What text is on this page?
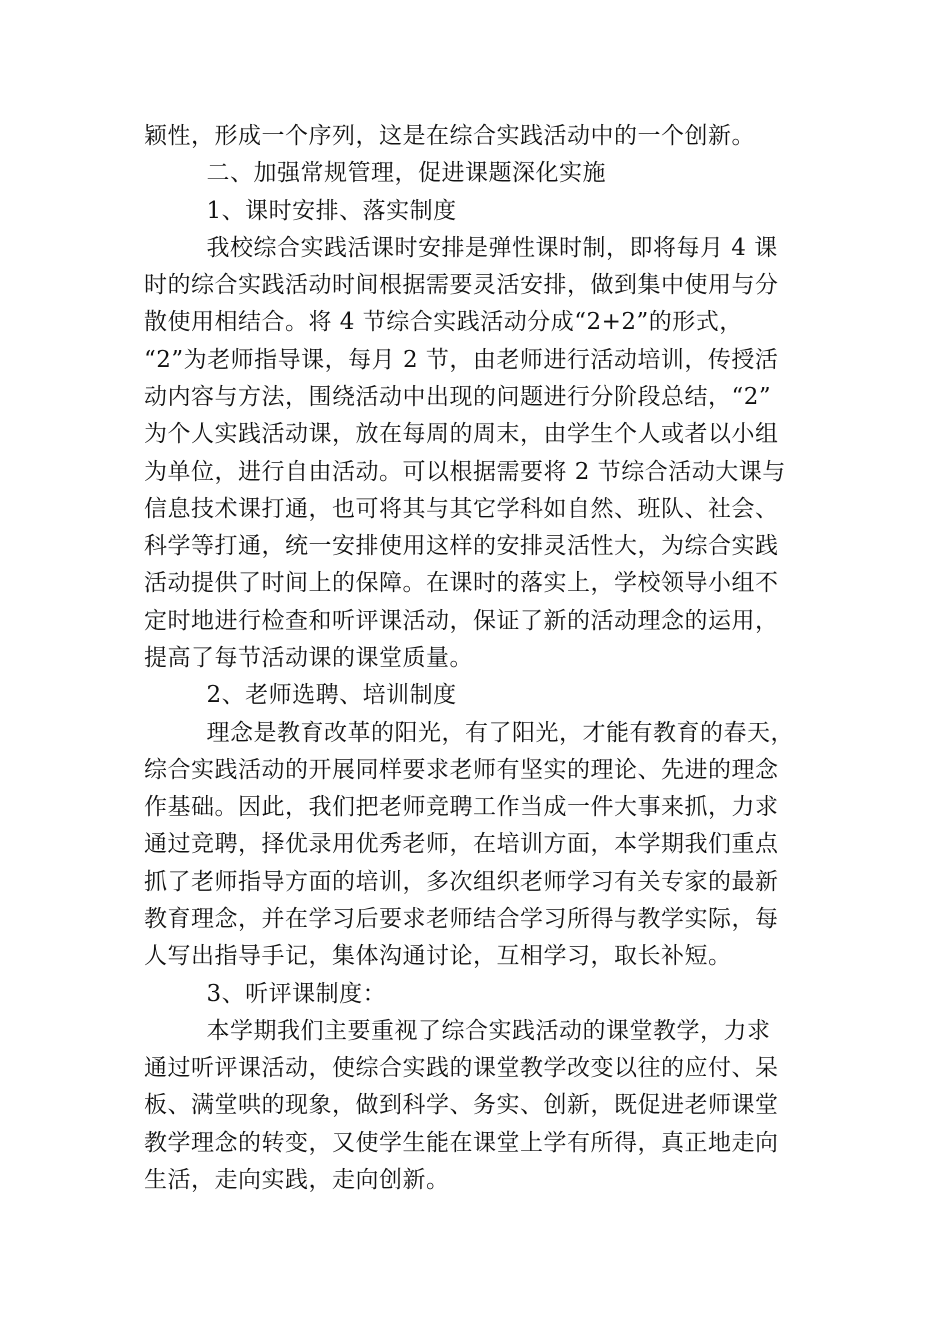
颖性，形成一个序列，这是在综合实践活动中的一个创新。
二、加强常规管理，促进课题深化实施
1、课时安排、落实制度
我校综合实践活课时安排是弹性课时制，即将每月 4 课
时的综合实践活动时间根据需要灵活安排，做到集中使用与分
散使用相结合。将 4 节综合实践活动分成“2+2”的形式，
“2”为老师指导课，每月 2 节，由老师进行活动培训，传授活
动内容与方法，围绕活动中出现的问题进行分阶段总结，“2”
为个人实践活动课，放在每周的周末，由学生个人或者以小组
为单位，进行自由活动。可以根据需要将 2 节综合活动大课与
信息技术课打通，也可将其与其它学科如自然、班队、社会、
科学等打通，统一安排使用这样的安排灵活性大，为综合实践
活动提供了时间上的保障。在课时的落实上，学校领导小组不
定时地进行检查和听评课活动，保证了新的活动理念的运用，
提高了每节活动课的课堂质量。
2、老师选聘、培训制度
理念是教育改革的阳光，有了阳光，才能有教育的春天，
综合实践活动的开展同样要求老师有坚实的理论、先进的理念
作基础。因此，我们把老师竞聘工作当成一件大事来抓，力求
通过竞聘，择优录用优秀老师，在培训方面，本学期我们重点
抓了老师指导方面的培训，多次组织老师学习有关专家的最新
教育理念，并在学习后要求老师结合学习所得与教学实际，每
人写出指导手记，集体沟通讨论，互相学习，取长补短。
3、听评课制度：
本学期我们主要重视了综合实践活动的课堂教学，力求
通过听评课活动，使综合实践的课堂教学改变以往的应付、呆
板、满堂哄的现象，做到科学、务实、创新，既促进老师课堂
教学理念的转变，又使学生能在课堂上学有所得，真正地走向
生活，走向实践，走向创新。
